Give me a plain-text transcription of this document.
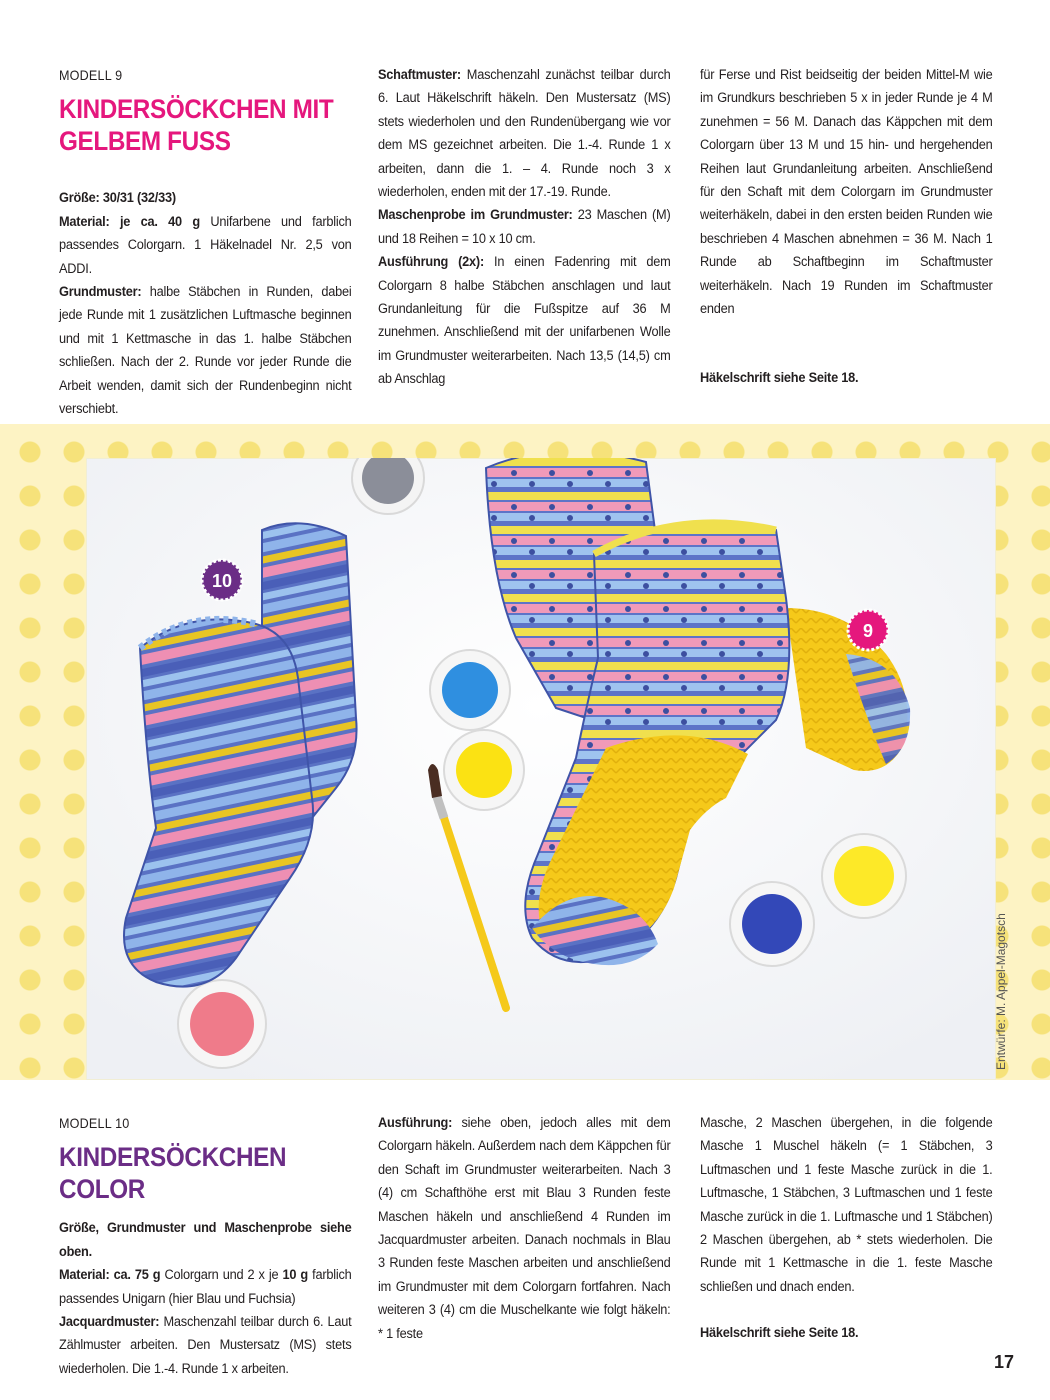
MODELL 9

KINDERSÖCKCHEN MIT
GELBEM FUSS

Größe: 30/31 (32/33)

Material: je ca. 40 g Unifarbene und farblich passendes Colorgarn. 1 Häkelnadel Nr. 2,5 von ADDI.

Grundmuster: halbe Stäbchen in Runden, dabei jede Runde mit 1 zusätzlichen Luftmasche beginnen und mit 1 Kettmasche in das 1. halbe Stäbchen schließen. Nach der 2. Runde vor jeder Runde die Arbeit wenden, damit sich der Rundenbeginn nicht verschiebt.

Schaftmuster: Maschenzahl zunächst teilbar durch 6. Laut Häkelschrift häkeln. Den Mustersatz (MS) stets wiederholen und den Rundenübergang wie vor dem MS gezeichnet arbeiten. Die 1.-4. Runde 1 x arbeiten, dann die 1. – 4. Runde noch 3 x wiederholen, enden mit der 17.-19. Runde.

Maschenprobe im Grundmuster: 23 Maschen (M) und 18 Reihen = 10 x 10 cm.

Ausführung (2x): In einen Fadenring mit dem Colorgarn 8 halbe Stäbchen anschlagen und laut Grundanleitung für die Fußspitze auf 36 M zunehmen. Anschließend mit der unifarbenen Wolle im Grundmuster weiterarbeiten. Nach 13,5 (14,5) cm ab Anschlag

für Ferse und Rist beidseitig der beiden Mittel-M wie im Grundkurs beschrieben 5 x in jeder Runde je 4 M zunehmen = 56 M. Danach das Käppchen mit dem Colorgarn über 13 M und 15 hin- und hergehenden Reihen laut Grundanleitung arbeiten. Anschließend für den Schaft mit dem Colorgarn im Grundmuster weiterhäkeln, dabei in den ersten beiden Runden wie beschrieben 4 Maschen abnehmen = 36 M. Nach 1 Runde ab Schaftbeginn im Schaftmuster weiterhäkeln. Nach 19 Runden im Schaftmuster enden

Häkelschrift siehe Seite 18.

10
9
Entwürfe: M. Appel-Magotsch

MODELL 10

KINDERSÖCKCHEN COLOR

Größe, Grundmuster und Maschenprobe siehe oben.

Material: ca. 75 g Colorgarn und 2 x je 10 g farblich passendes Unigarn (hier Blau und Fuchsia)

Jacquardmuster: Maschenzahl teilbar durch 6. Laut Zählmuster arbeiten. Den Mustersatz (MS) stets wiederholen. Die 1.-4. Runde 1 x arbeiten.

Ausführung: siehe oben, jedoch alles mit dem Colorgarn häkeln. Außerdem nach dem Käppchen für den Schaft im Grundmuster weiterarbeiten. Nach 3 (4) cm Schafthöhe erst mit Blau 3 Runden feste Maschen häkeln und anschließend 4 Runden im Jacquardmuster arbeiten. Danach nochmals in Blau 3 Runden feste Maschen arbeiten und anschließend im Grundmuster mit dem Colorgarn fortfahren. Nach weiteren 3 (4) cm die Muschelkante wie folgt häkeln: * 1 feste

Masche, 2 Maschen übergehen, in die folgende Masche 1 Muschel häkeln (= 1 Stäbchen, 3 Luftmaschen und 1 feste Masche zurück in die 1. Luftmasche, 1 Stäbchen, 3 Luftmaschen und 1 feste Masche zurück in die 1. Luftmasche und 1 Stäbchen) 2 Maschen übergehen, ab * stets wiederholen. Die Runde mit 1 Kettmasche in die 1. feste Masche schließen und dnach enden.

Häkelschrift siehe Seite 18.

17
